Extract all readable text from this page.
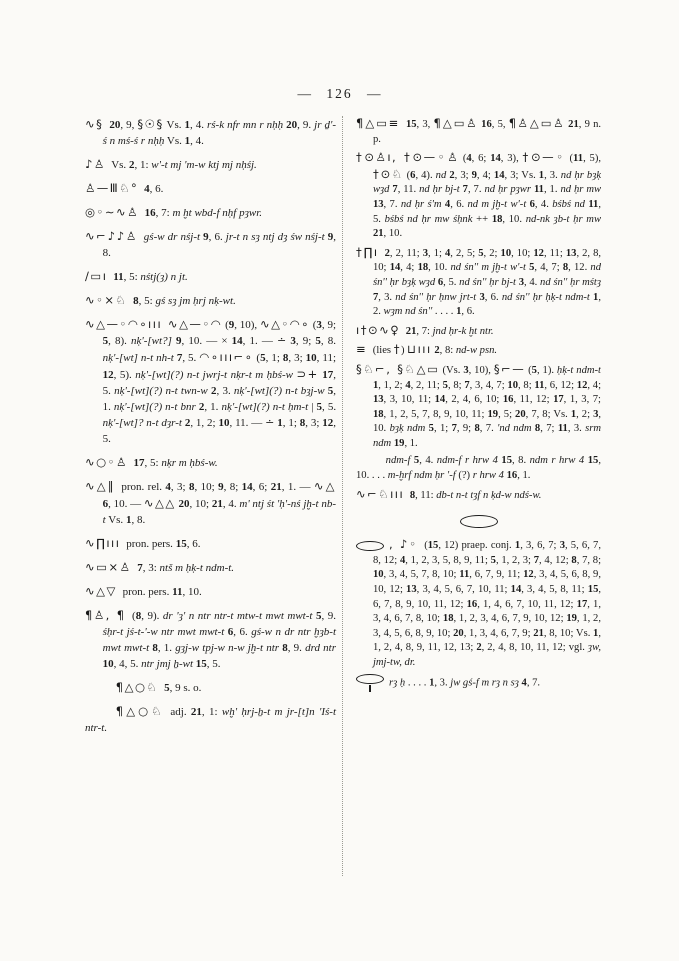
— 126 —

∿§ 20, 9, §☉§ Vs. 1, 4. rś-k nfr mn r nḥḥ 20, 9. jr ḏ'-ś n mś-ś r nḥḥ Vs. 1, 4.

♪♙ Vs. 2, 1: w'-t mj 'm-w ktj mj nḥśj.

♙—Ⅲ♘° 4, 6.

◎◦∼∿♙ 16, 7: m ḫt wbd-f nḥf pȝwr.

∿⌐♪♪♙ gś-w dr nśj-t 9, 6. jr-t n sȝ ntj dȝ św nśj-t 9, 8.

∕▭ı 11, 5: nśtj(ȝ) n jt.

∿◦×♘ 8, 5: gś sȝ jm ḥrj nḳ-wt.

∿△—◦◠∘ııı ∿△—◦◠ (9, 10), ∿△◦◠∘ (3, 9; 5, 8). nḳ'-[wt?] 9, 10. — × 14, 1. — ∸ 3, 9; 5, 8. nḳ'-[wt] n-t nh-t 7, 5. ◠∘ııı⌐∘ (5, 1; 8, 3; 10, 11; 12, 5). nḳ'-[wt](?) n-t jwrj-t nḳr-t m ḥbś-w ⊃+ 17, 5. nḳ'-[wt](?) n-t twn-w 2, 3. nḳ'-[wt](?) n-t bȝj-w 5, 1. nḳ'-[wt](?) n-t bnr 2, 1. nḳ'-[wt](?) n-t ḥm-t | 5, 5. nḳ'-[wt]? n-t dȝr-t 2, 1, 2; 10, 11. — ∸ 1, 1; 8, 3; 12, 5.

∿○◦♙ 17, 5: nḳr m ḥbś-w.

∿△‖ pron. rel. 4, 3; 8, 10; 9, 8; 14, 6; 21, 1. — ∿△ 6, 10. — ∿△△ 20, 10; 21, 4. m' ntj śt 'ḥ'-nś jḫ-t nb-t Vs. 1, 8.

∿∏ııı pron. pers. 15, 6.

∿▭×♙ 7, 3: ntš m ḥḳ-t ndm-t.

∿△▽ pron. pers. 11, 10.

¶♙, ¶ (8, 9). dr 'ȝ' n ntr ntr-t mtw-t mwt mwt-t 5, 9. śḥr-t jś-t-'-w ntr mwt mwt-t 6, 6. gś-w n dr ntr ḫȝb-t mwt mwt-t 8, 1. gȝj-w tpj-w n-w jḫ-t ntr 8, 9. drd ntr 10, 4, 5. ntr jmj ẖ-wt 15, 5.

¶△○♘ 5, 9 s. o.

¶△○♘ adj. 21, 1: wḫ' ḥrj-ẖ-t m jr-[t]n 'Iś-t ntr-t.

¶△▭≡ 15, 3, ¶△▭♙ 16, 5, ¶♙△▭♙ 21, 9 n. p.

†⊙♙ı, †⊙—◦♙ (4, 6; 14, 3), †⊙—◦ (11, 5), †⊙♘ (6, 4). nd 2, 3; 9, 4; 14, 3; Vs. 1, 3. nd ḥr bȝḳ wȝd 7, 11. nd ḥr bj-t 7, 7. nd ḥr pȝwr 11, 1. nd ḥr mw 13, 7. nd ḥr ś'm 4, 6. nd m jḫ-t w'-t 6, 4. bśbś nd 11, 5. bśbś nd ḥr mw śḥnk ++ 18, 10. nd-nk ȝb-t ḥr mw 21, 10.

†∏ı 2, 2, 11; 3, 1; 4, 2, 5; 5, 2; 10, 10; 12, 11; 13, 2, 8, 10; 14, 4; 18, 10. nd śn'' m jḫ-t w'-t 5, 4, 7; 8, 12. nd śn'' ḥr bȝḳ wȝd 6, 5. nd śn'' ḥr bj-t 3, 4. nd śn'' ḥr mśtȝ 7, 3. nd śn'' ḥr ḥnw jrt-t 3, 6. nd śn'' ḥr ḥḳ-t ndm-t 1, 2. wȝm nd śn'' . . . . 1, 6.

ı†⊙∿♀ 21, 7: jnd ḥr-k ḫt ntr.

≡ (lies †) ⊔ııı 2, 8: nd-w psn.

§♘⌐, §♘△▭ (Vs. 3, 10), §⌐— (5, 1). ḥḳ-t ndm-t 1, 1, 2; 4, 2, 11; 5, 8; 7, 3, 4, 7; 10, 8; 11, 6, 12; 12, 4; 13, 3, 10, 11; 14, 2, 4, 6, 10; 16, 11, 12; 17, 1, 3, 7; 18, 1, 2, 5, 7, 8, 9, 10, 11; 19, 5; 20, 7, 8; Vs. 1, 2; 3, 10. bȝḳ ndm 5, 1; 7, 9; 8, 7. 'nd ndm 8, 7; 11, 3. srm ndm 19, 1.

ndm-f 5, 4. ndm-f r hrw 4 15, 8. ndm r hrw 4 15, 10. . . . m-ḫrf ndm ḥr '-f (?) r hrw 4 16, 1.

∿⌐♘ııı 8, 11: db-t n-t tȝf n ḳd-w ndś-w.

, ♪◦ (15, 12) praep. conj. 1, 3, 6, 7; 3, 5, 6, 7, 8, 12; 4, 1, 2, 3, 5, 8, 9, 11; 5, 1, 2, 3; 7, 4, 12; 8, 7, 8; 10, 3, 4, 5, 7, 8, 10; 11, 6, 7, 9, 11; 12, 3, 4, 5, 6, 8, 9, 10, 12; 13, 3, 4, 5, 6, 7, 10, 11; 14, 3, 4, 5, 8, 11; 15, 6, 7, 8, 9, 10, 11, 12; 16, 1, 4, 6, 7, 10, 11, 12; 17, 1, 3, 4, 6, 7, 8, 10; 18, 1, 2, 3, 4, 6, 7, 9, 10, 12; 19, 1, 2, 3, 4, 5, 6, 8, 9, 10; 20, 1, 3, 4, 6, 7, 9; 21, 8, 10; Vs. 1, 1, 2, 4, 8, 9, 11, 12, 13; 2, 2, 4, 8, 10, 11, 12; vgl. ȝw, jmj-tw, dr.

rȝ ḥ . . . . 1, 3. jw gś-f m rȝ n sȝ 4, 7.
